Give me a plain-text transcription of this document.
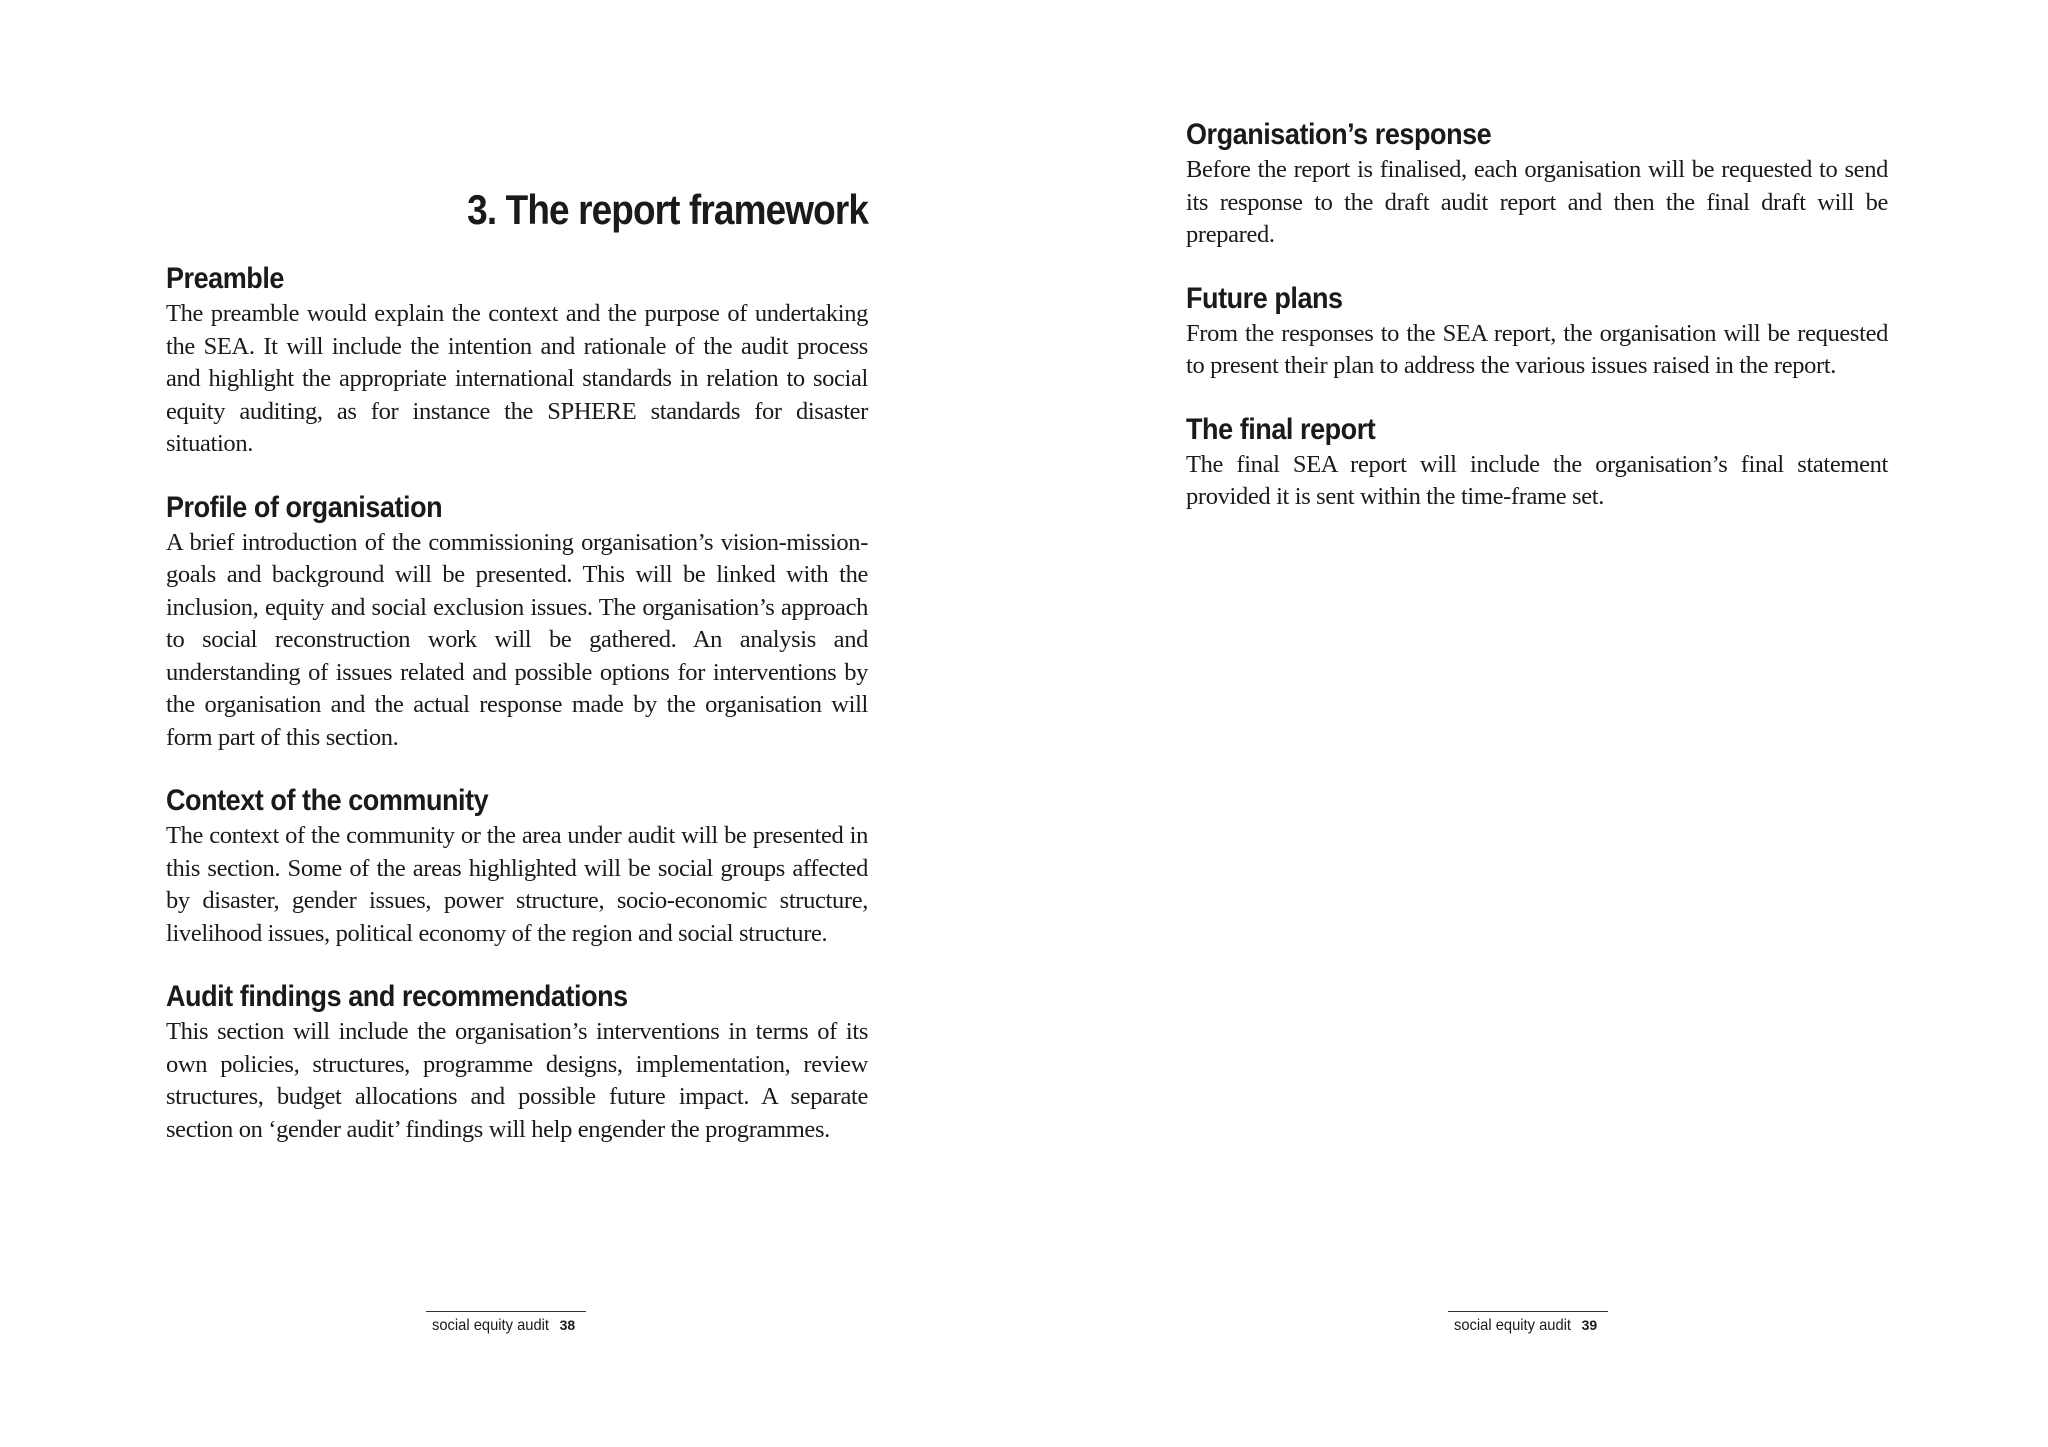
3. The report framework
Preamble

The preamble would explain the context and the purpose of undertaking the SEA. It will include the intention and rationale of the audit process and highlight the appropriate international standards in relation to social equity auditing, as for instance the SPHERE standards for disaster situation.

Profile of organisation

A brief introduction of the commissioning organisation’s vision-mission-goals and background will be presented. This will be linked with the inclusion, equity and social exclusion issues. The organisation’s approach to social reconstruction work will be gathered. An analysis and understanding of issues related and possible options for interventions by the organisation and the actual response made by the organisation will form part of this section.

Context of the community

The context of the community or the area under audit will be presented in this section. Some of the areas highlighted will be social groups affected by disaster, gender issues, power structure, socio-economic structure, livelihood issues, political economy of the region and social structure.

Audit findings and recommendations

This section will include the organisation’s interventions in terms of its own policies, structures, programme designs, implementation, review structures, budget allocations and possible future impact. A separate section on ‘gender audit’ findings will help engender the programmes.

social equity audit 38
Organisation’s response

Before the report is finalised, each organisation will be requested to send its response to the draft audit report and then the final draft will be prepared.

Future plans

From the responses to the SEA report, the organisation will be requested to present their plan to address the various issues raised in the report.

The final report

The final SEA report will include the organisation’s final statement provided it is sent within the time-frame set.

social equity audit 39
